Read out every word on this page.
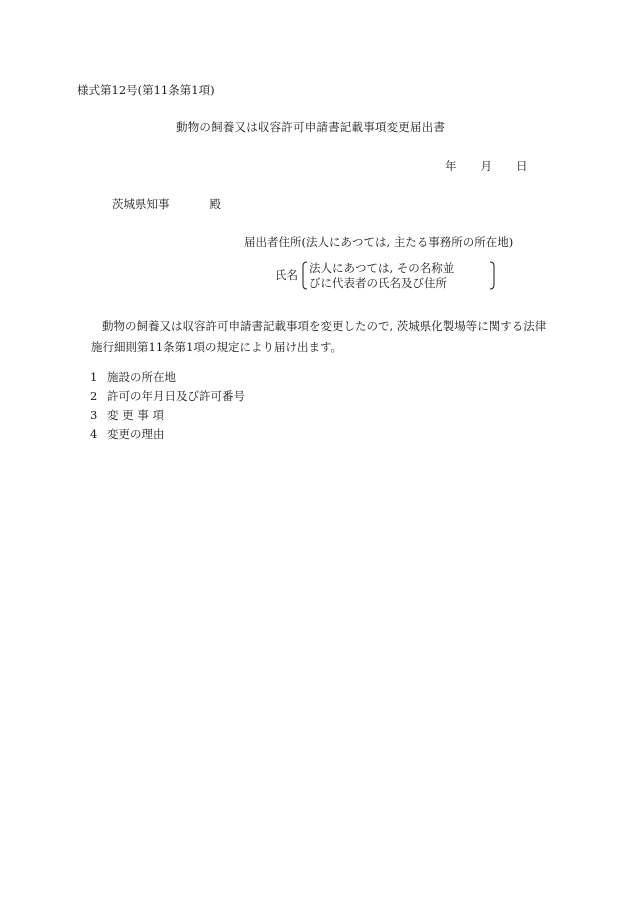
様式第12号(第11条第1項)
動物の飼養又は収容許可申請書記載事項変更届出書
年 月 日
茨城県知事	殿
届出者住所(法人にあつては, 主たる事務所の所在地)
氏名 法人にあつては, その名称並
びに代表者の氏名及び住所
動物の飼養又は収容許可申請書記載事項を変更したので, 茨城県化製場等に関する法律施行細則第11条第1項の規定により届け出ます。
1 施設の所在地
2 許可の年月日及び許可番号
3 変 更 事 項
4 変更の理由
